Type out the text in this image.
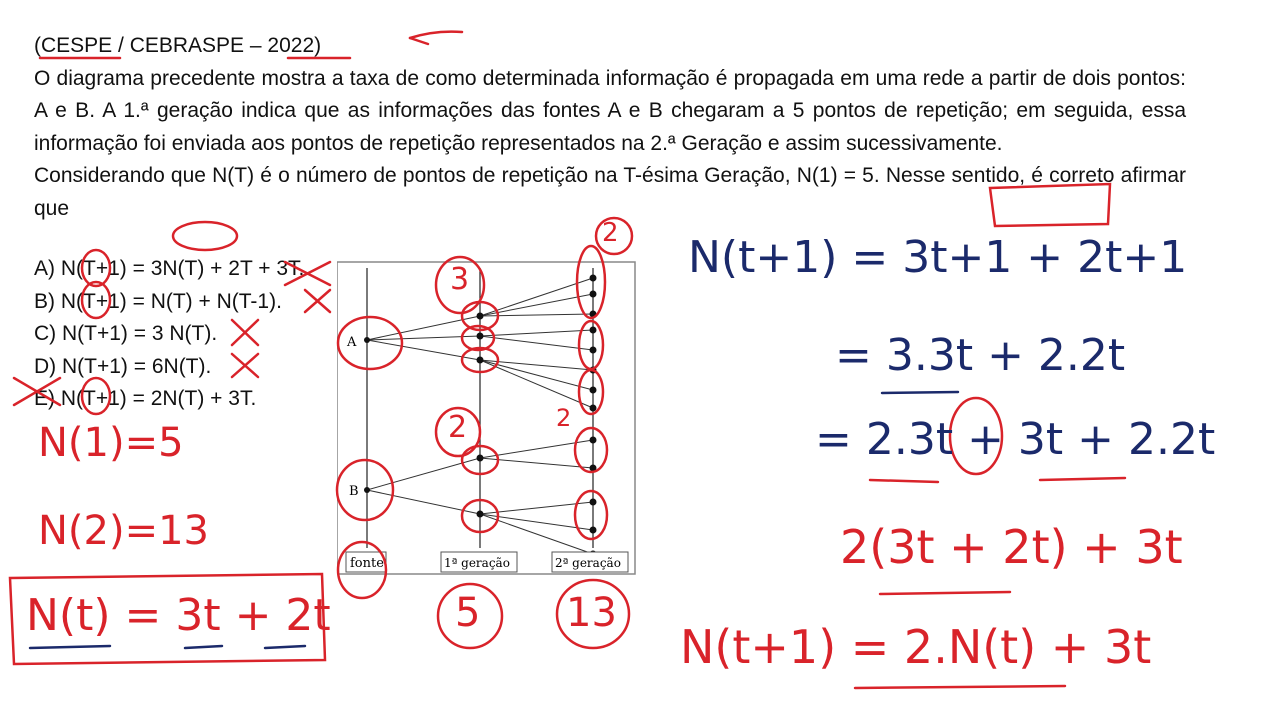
(CESPE / CEBRASPE – 2022)

O diagrama precedente mostra a taxa de como determinada informação é propagada em uma rede a partir de dois pontos: A e B. A 1.ª geração indica que as informações das fontes A e B chegaram a 5 pontos de repetição; em seguida, essa informação foi enviada aos pontos de repetição representados na 2.ª Geração e assim sucessivamente.

Considerando que N(T) é o número de pontos de repetição na T-ésima Geração, N(1) = 5. Nesse sentido, é correto afirmar que

A) N(T+1) = 3N(T) + 2T + 3T.

B) N(T+1) = N(T) + N(T-1).

C) N(T+1) = 3 N(T).

D) N(T+1) = 6N(T).

E) N(T+1) = 2N(T) + 3T.

A
B
fonte	1ª geração	2ª geração
N(1)=5
N(2)=13
N(t) = 3t + 2t
3
2
2
2
5 13
N(t+1) = 3t+1 + 2t+1
= 3.3t + 2.2t
= 2.3t + 3t + 2.2t
2(3t + 2t) + 3t
N(t+1) = 2.N(t) + 3t
